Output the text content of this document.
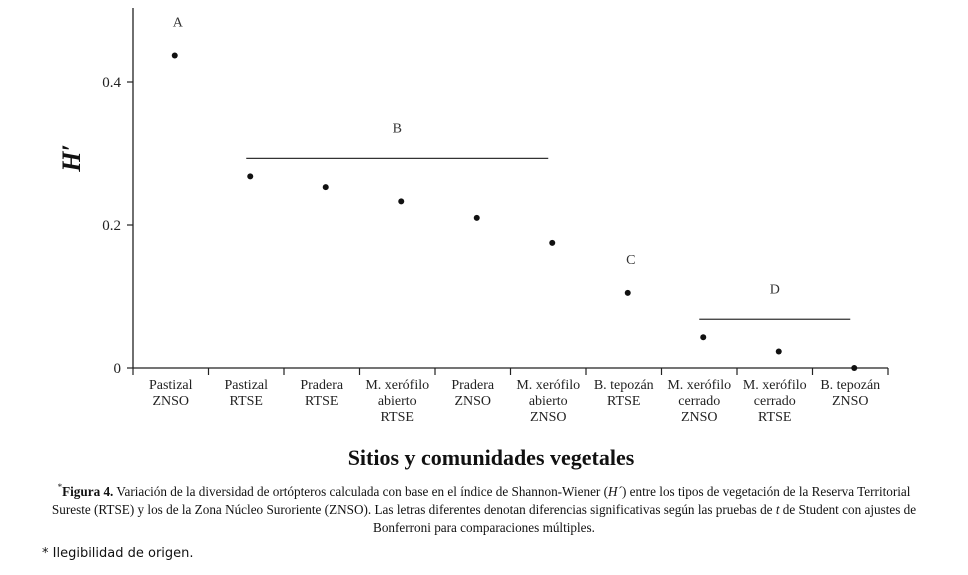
0
0.2
0.4
Pastizal ZNSO
Pastizal RTSE
Pradera RTSE
M. xerófilo abierto RTSE
Pradera ZNSO
M. xerófilo abierto ZNSO
B. tepozán RTSE
M. xerófilo cerrado ZNSO
M. xerófilo cerrado RTSE
B. tepozán ZNSO
A
B
C
D
H′
Sitios y comunidades vegetales
*Figura 4. Variación de la diversidad de ortópteros calculada con base en el índice de Shannon-Wiener (H´) entre los tipos de vegetación de la Reserva Territorial Sureste (RTSE) y los de la Zona Núcleo Suroriente (ZNSO). Las letras diferentes denotan diferencias significativas según las pruebas de t de Student con ajustes de Bonferroni para comparaciones múltiples.
* Ilegibilidad de origen.
